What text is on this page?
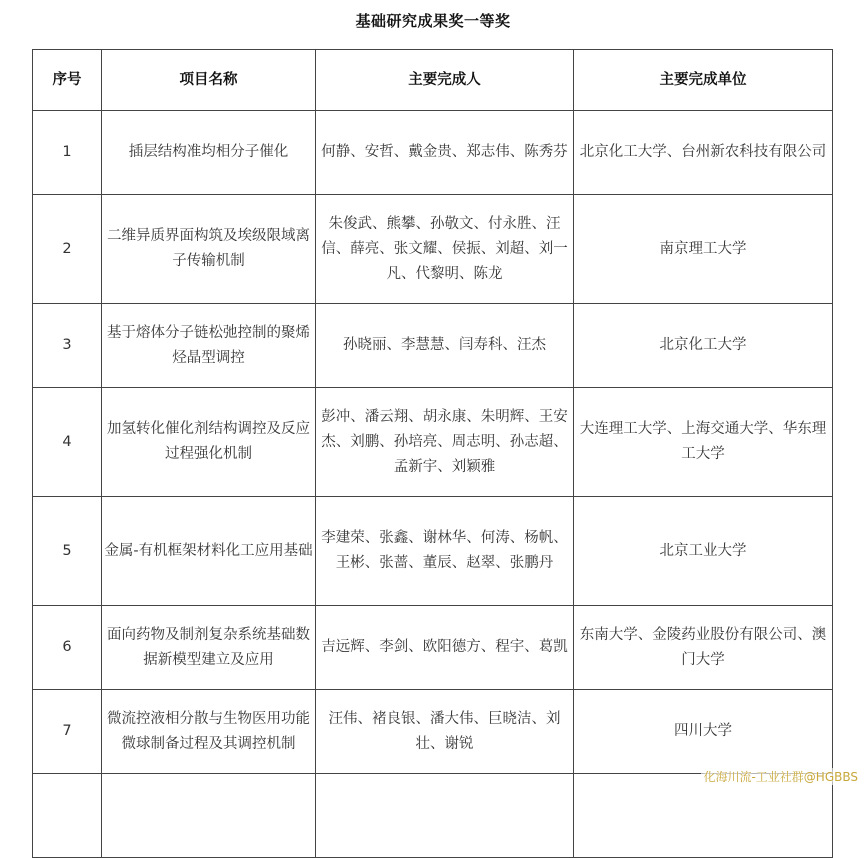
基础研究成果奖一等奖
序号	项目名称	主要完成人	主要完成单位
1	插层结构准均相分子催化	何静、安哲、戴金贵、郑志伟、陈秀芬	北京化工大学、台州新农科技有限公司
2	二维异质界面构筑及埃级限域离子传输机制	朱俊武、熊攀、孙敬文、付永胜、汪信、薛亮、张文耀、侯振、刘超、刘一凡、代黎明、陈龙	南京理工大学
3	基于熔体分子链松弛控制的聚烯烃晶型调控	孙晓丽、李慧慧、闫寿科、汪杰	北京化工大学
4	加氢转化催化剂结构调控及反应过程强化机制	彭冲、潘云翔、胡永康、朱明辉、王安杰、刘鹏、孙培亮、周志明、孙志超、孟新宇、刘颖雅	大连理工大学、上海交通大学、华东理工大学
5	金属-有机框架材料化工应用基础	李建荣、张鑫、谢林华、何涛、杨帆、王彬、张蔷、董辰、赵翠、张鹏丹	北京工业大学
6	面向药物及制剂复杂系统基础数据新模型建立及应用	吉远辉、李剑、欧阳德方、程宇、葛凯	东南大学、金陵药业股份有限公司、澳门大学
7	微流控液相分散与生物医用功能微球制备过程及其调控机制	汪伟、褚良银、潘大伟、巨晓洁、刘壮、谢锐	四川大学

化海川流-工业社群@HGBBS
